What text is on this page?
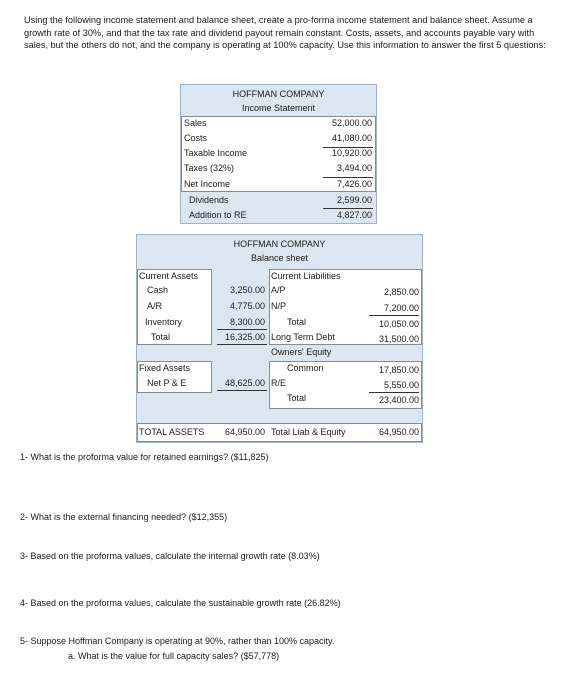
Using the following income statement and balance sheet, create a pro-forma income statement and balance sheet. Assume a growth rate of 30%, and that the tax rate and dividend payout remain constant. Costs, assets, and accounts payable vary with sales, but the others do not, and the company is operating at 100% capacity. Use this information to answer the first 5 questions:
HOFFMAN COMPANY
Income Statement
Sales	52,000.00
Costs	41,080.00
Taxable Income	10,920.00
Taxes (32%)	3,494.00
Net Income	7,426.00
Dividends	2,599.00
Addition to RE	4,827.00
HOFFMAN COMPANY
Balance sheet
Current Assets	Current Liabilities
Cash	3,250.00 A/P	2,850.00
A/R	4,775.00 N/P	7,200.00
Inventory	8,300.00 Total	10,050.00
Total	16,325.00 Long Term Debt	31,500.00
Owners' Equity
Fixed Assets	Common	17,850.00
Net P & E	48,625.00 R/E	5,550.00
Total	23,400.00
TOTAL ASSETS	64,950.00 Total Liab & Equity	64,950.00
1- What is the proforma value for retained earnings? ($11,825)
2- What is the external financing needed? ($12,355)
3- Based on the proforma values, calculate the internal growth rate (8.03%)
4- Based on the proforma values, calculate the sustainable growth rate (26.82%)
5- Suppose Hoffman Company is operating at 90%, rather than 100% capacity.
a. What is the value for full capacity sales? ($57,778)
